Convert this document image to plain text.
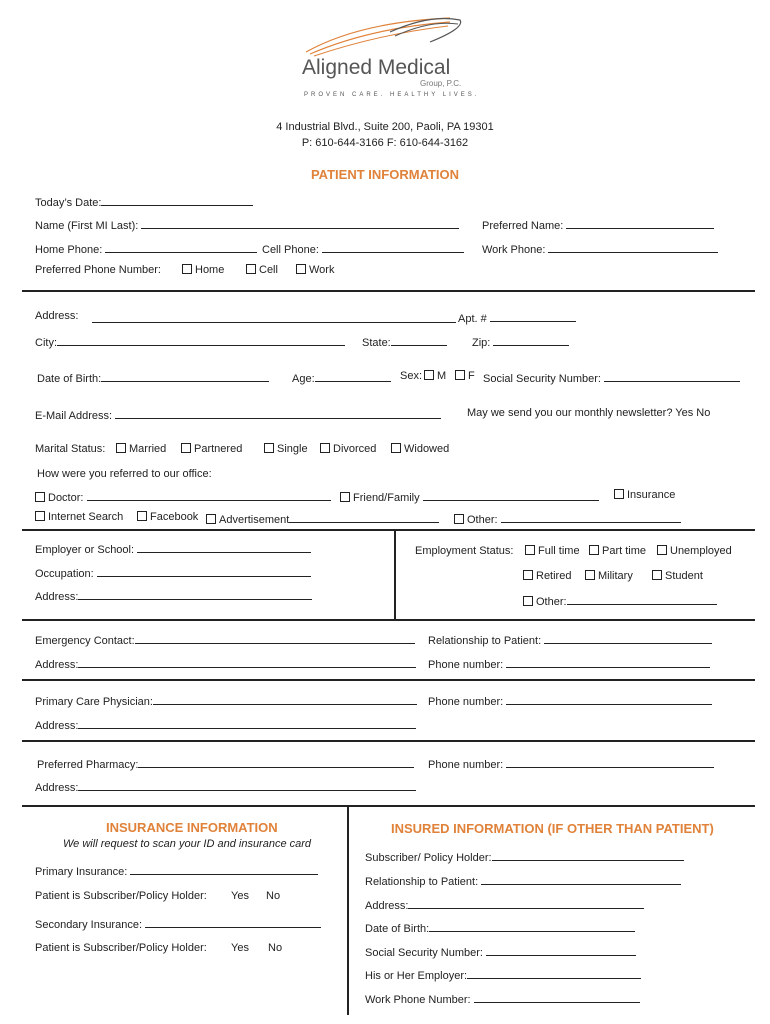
Aligned Medical
Group, P.C.
PROVEN CARE. HEALTHY LIVES.
4 Industrial Blvd., Suite 200, Paoli, PA 19301
P: 610-644-3166 F: 610-644-3162
PATIENT INFORMATION
Today’s Date:
Name (First MI Last):	Preferred Name:
Home Phone:	Cell Phone:	Work Phone:
Preferred Phone Number:	Home	Cell	Work
Address:	Apt. #
City:	State:	Zip:
Date of Birth:	Age:	Sex:	M	F Social Security Number:
E-Mail Address:	May we send you our monthly newsletter? Yes No
Marital Status:	Married	Partnered	Single	Divorced	Widowed
How were you referred to our office:
Doctor:	Friend/Family	Insurance
Internet Search	Facebook	Advertisement	Other:
Employer or School:
Occupation:
Address:
Employment Status:	Full time	Part time	Unemployed
Retired	Military	Student
Other:
Emergency Contact:	Relationship to Patient:
Address:	Phone number:
Primary Care Physician:	Phone number:
Address:
Preferred Pharmacy:	Phone number:
Address:
INSURANCE INFORMATION
We will request to scan your ID and insurance card
Primary Insurance:
Patient is Subscriber/Policy Holder: Yes No
Secondary Insurance:
Patient is Subscriber/Policy Holder: Yes No
INSURED INFORMATION (IF OTHER THAN PATIENT)
Subscriber/ Policy Holder:
Relationship to Patient:
Address:
Date of Birth:
Social Security Number:
His or Her Employer:
Work Phone Number:
